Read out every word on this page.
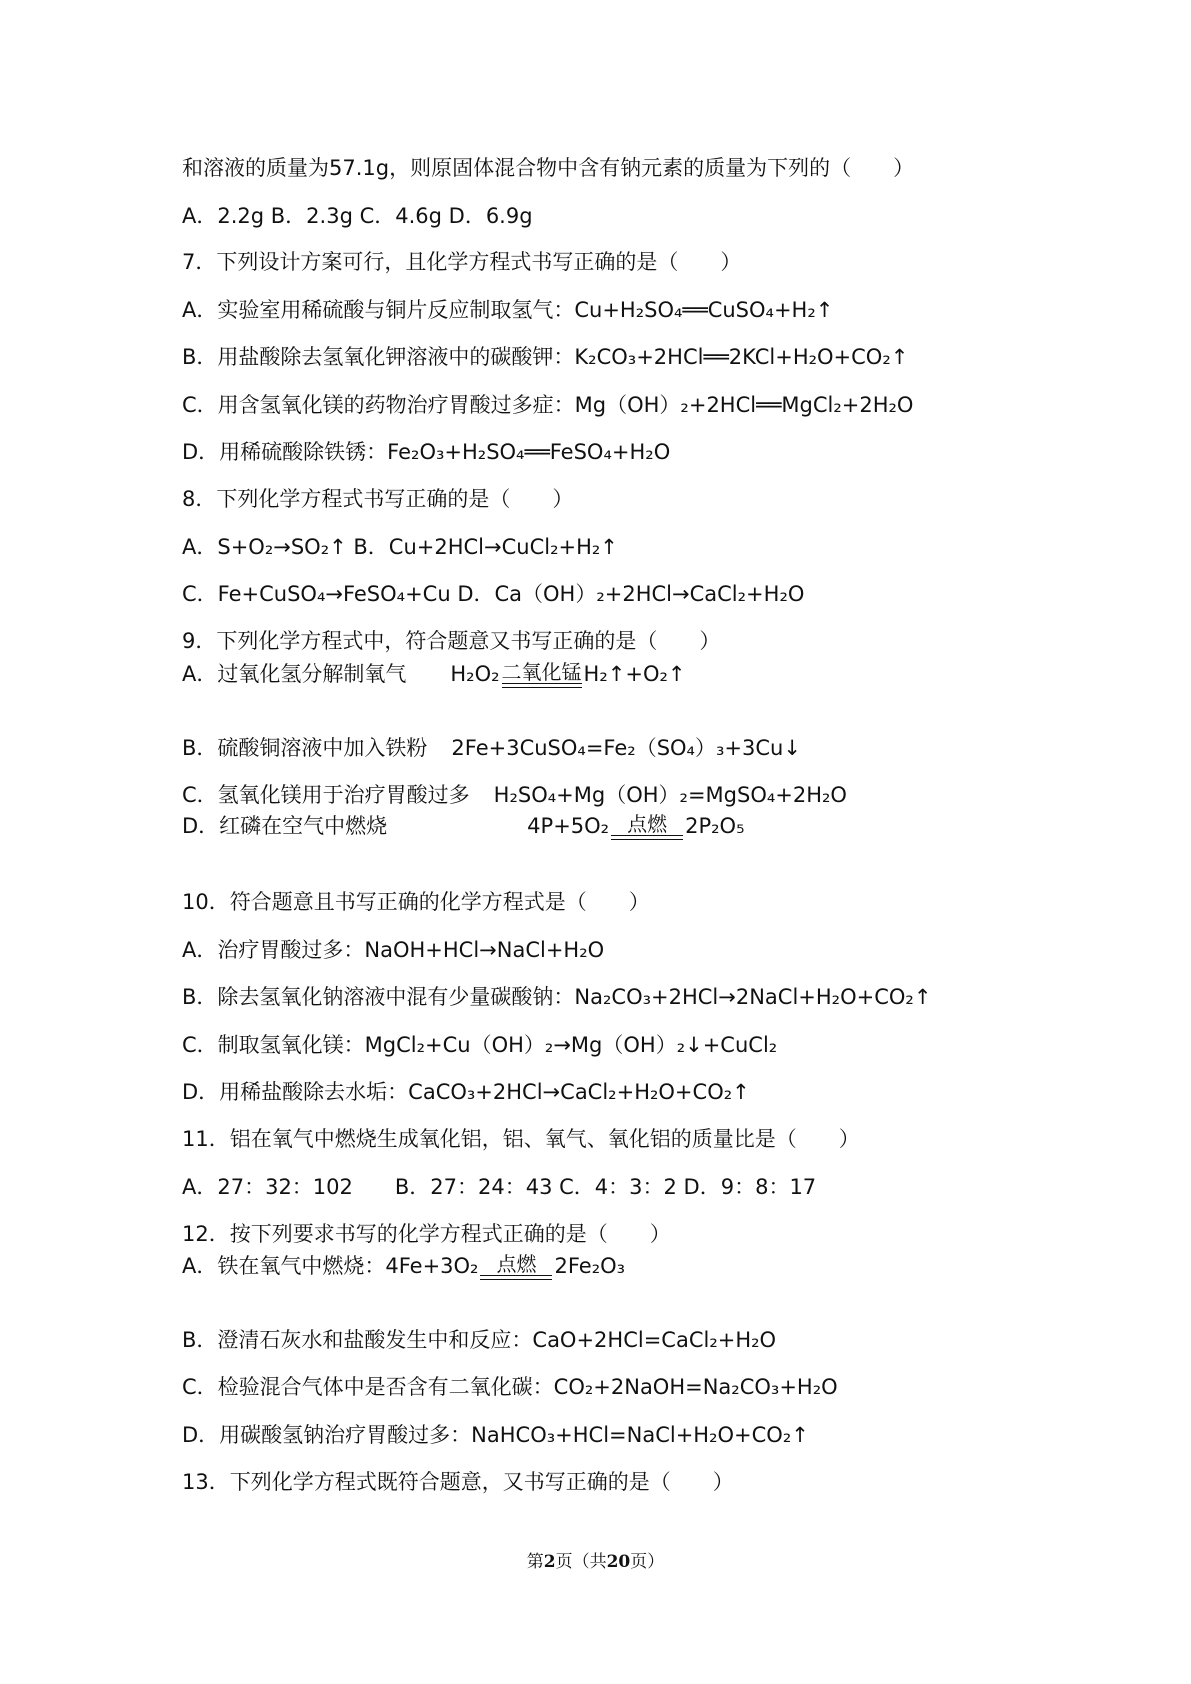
和溶液的质量为57.1g，则原固体混合物中含有钠元素的质量为下列的（　　）
A．2.2g B．2.3g C．4.6g D．6.9g
7．下列设计方案可行，且化学方程式书写正确的是（　　）
A．实验室用稀硫酸与铜片反应制取氢气：Cu+H₂SO₄══CuSO₄+H₂↑
B．用盐酸除去氢氧化钾溶液中的碳酸钾：K₂CO₃+2HCl══2KCl+H₂O+CO₂↑
C．用含氢氧化镁的药物治疗胃酸过多症：Mg（OH）₂+2HCl══MgCl₂+2H₂O
D．用稀硫酸除铁锈：Fe₂O₃+H₂SO₄══FeSO₄+H₂O
8．下列化学方程式书写正确的是（　　）
A．S+O₂→SO₂↑ B．Cu+2HCl→CuCl₂+H₂↑
C．Fe+CuSO₄→FeSO₄+Cu D．Ca（OH）₂+2HCl→CaCl₂+H₂O
9．下列化学方程式中，符合题意又书写正确的是（　　）
A．过氧化氢分解制氧气 H₂O₂ 二氧化锰 H₂↑+O₂↑
B．硫酸铜溶液中加入铁粉 2Fe+3CuSO₄=Fe₂（SO₄）₃+3Cu↓
C．氢氧化镁用于治疗胃酸过多 H₂SO₄+Mg（OH）₂=MgSO₄+2H₂O
D．红磷在空气中燃烧	4P+5O₂ 点燃 2P₂O₅
10．符合题意且书写正确的化学方程式是（　　）
A．治疗胃酸过多：NaOH+HCl→NaCl+H₂O
B．除去氢氧化钠溶液中混有少量碳酸钠：Na₂CO₃+2HCl→2NaCl+H₂O+CO₂↑
C．制取氢氧化镁：MgCl₂+Cu（OH）₂→Mg（OH）₂↓+CuCl₂
D．用稀盐酸除去水垢：CaCO₃+2HCl→CaCl₂+H₂O+CO₂↑
11．铝在氧气中燃烧生成氧化铝，铝、氧气、氧化铝的质量比是（　　）
A．27：32：102　　B．27：24：43 C．4：3：2 D．9：8：17
12．按下列要求书写的化学方程式正确的是（　　）
A．铁在氧气中燃烧：4Fe+3O₂ 点燃 2Fe₂O₃
B．澄清石灰水和盐酸发生中和反应：CaO+2HCl=CaCl₂+H₂O
C．检验混合气体中是否含有二氧化碳：CO₂+2NaOH=Na₂CO₃+H₂O
D．用碳酸氢钠治疗胃酸过多：NaHCO₃+HCl=NaCl+H₂O+CO₂↑
13．下列化学方程式既符合题意，又书写正确的是（　　）
第2页（共20页）
